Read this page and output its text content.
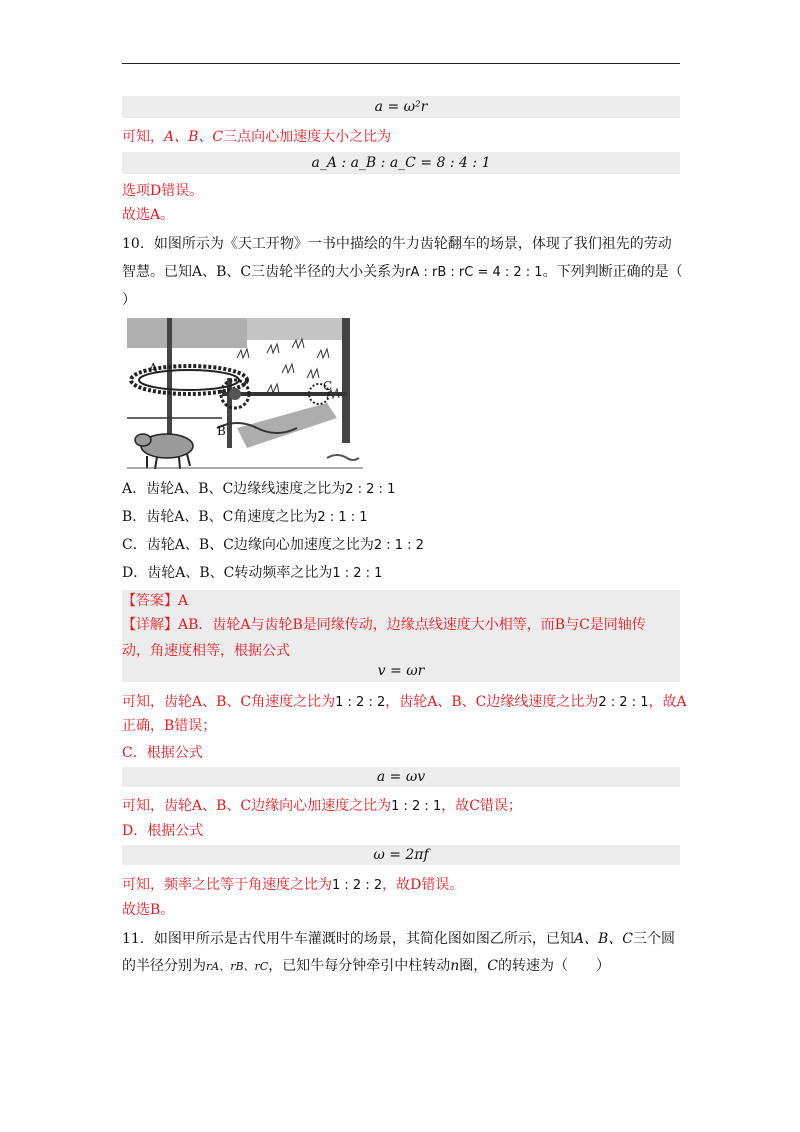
a = ω²r
可知，A、B、C三点向心加速度大小之比为
a_A : a_B : a_C = 8 : 4 : 1
选项D错误。
故选A。
10．如图所示为《天工开物》一书中描绘的牛力齿轮翻车的场景，体现了我们祖先的劳动
智慧。已知A、B、C三齿轮半径的大小关系为rA : rB : rC = 4 : 2 : 1。下列判断正确的是（
）
A
B
C
A．齿轮A、B、C边缘线速度之比为2 : 2 : 1
B．齿轮A、B、C角速度之比为2 : 1 : 1
C．齿轮A、B、C边缘向心加速度之比为2 : 1 : 2
D．齿轮A、B、C转动频率之比为1 : 2 : 1
【答案】A
【详解】AB．齿轮A与齿轮B是同缘传动，边缘点线速度大小相等，而B与C是同轴传
动，角速度相等，根据公式
v = ωr
可知，齿轮A、B、C角速度之比为1 : 2 : 2，齿轮A、B、C边缘线速度之比为2 : 2 : 1，故A
正确，B错误；
C．根据公式
a = ωv
可知，齿轮A、B、C边缘向心加速度之比为1 : 2 : 1，故C错误；
D．根据公式
ω = 2πf
可知，频率之比等于角速度之比为1 : 2 : 2，故D错误。
故选B。
11．如图甲所示是古代用牛车灌溉时的场景，其简化图如图乙所示，已知A、B、C三个圆
的半径分别为rA、rB、rC，已知牛每分钟牵引中柱转动n圈，C的转速为（　　）
